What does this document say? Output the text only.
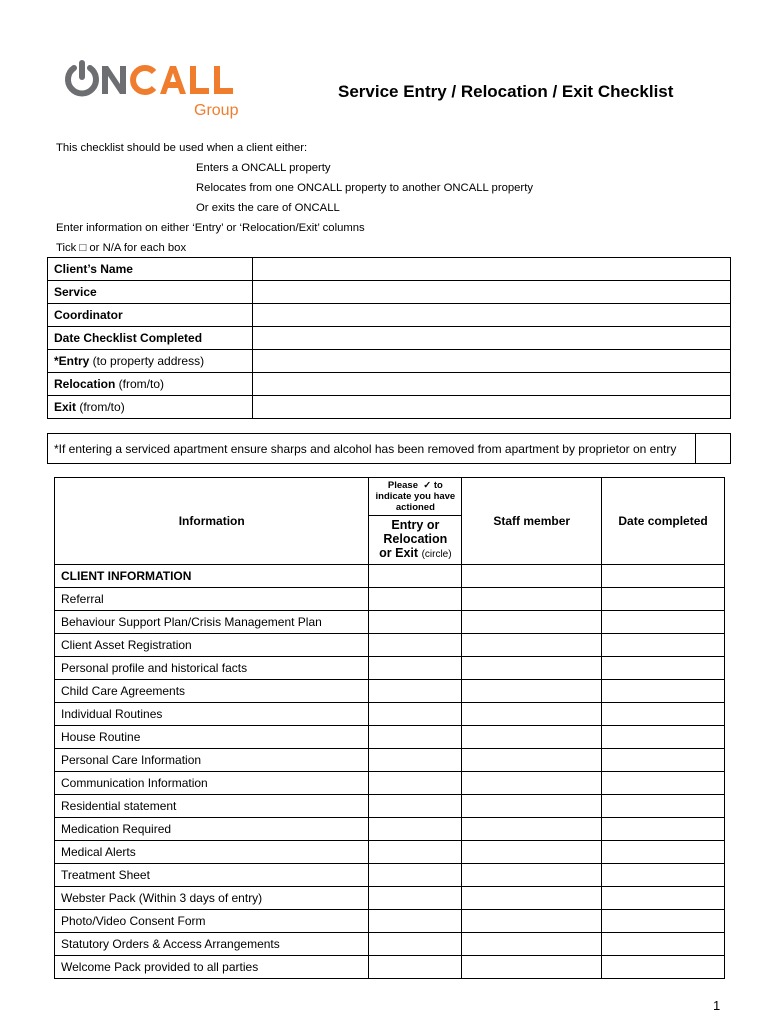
Group
Service Entry / Relocation / Exit Checklist

This checklist should be used when a client either:

Enters a ONCALL property

Relocates from one ONCALL property to another ONCALL property

Or exits the care of ONCALL

Enter information on either ‘Entry’ or ‘Relocation/Exit’ columns

Tick □ or N/A for each box

Client’s Name	
Service	
Coordinator	
Date Checklist Completed	
*Entry (to property address)	
Relocation (from/to)	
Exit (from/to)	
*If entering a serviced apartment ensure sharps and alcohol has been removed from apartment by proprietor on entry	
Information	Please ✓ to indicate you have actioned	Staff member	Date completed
	Entry or
Relocation
or Exit (circle)		
CLIENT INFORMATION			
Referral			
Behaviour Support Plan/Crisis Management Plan			
Client Asset Registration			
Personal profile and historical facts			
Child Care Agreements			
Individual Routines			
House Routine			
Personal Care Information			
Communication Information			
Residential statement			
Medication Required			
Medical Alerts			
Treatment Sheet			
Webster Pack (Within 3 days of entry)			
Photo/Video Consent Form			
Statutory Orders & Access Arrangements			
Welcome Pack provided to all parties			
1
